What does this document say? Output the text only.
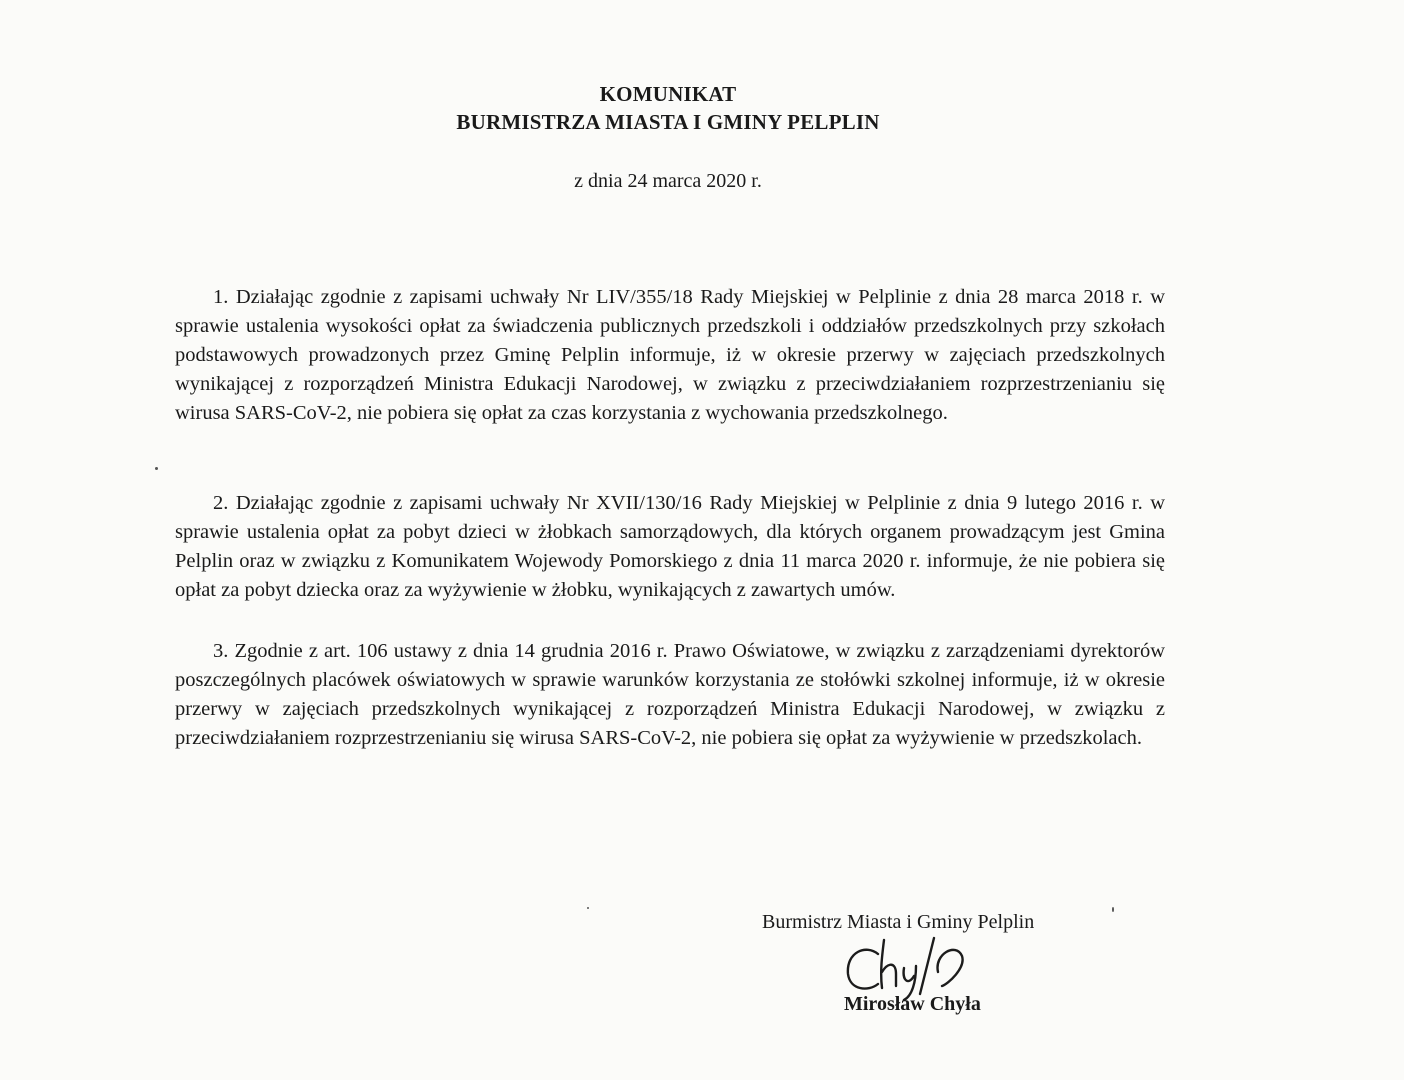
KOMUNIKAT
BURMISTRZA MIASTA I GMINY PELPLIN
z dnia 24 marca 2020 r.

1. Działając zgodnie z zapisami uchwały Nr LIV/355/18 Rady Miejskiej w Pelplinie z dnia 28 marca 2018 r. w sprawie ustalenia wysokości opłat za świadczenia publicznych przedszkoli i oddziałów przedszkolnych przy szkołach podstawowych prowadzonych przez Gminę Pelplin informuje, iż w okresie przerwy w zajęciach przedszkolnych wynikającej z rozporządzeń Ministra Edukacji Narodowej, w związku z przeciwdziałaniem rozprzestrzenianiu się wirusa SARS-CoV-2, nie pobiera się opłat za czas korzystania z wychowania przedszkolnego.

2. Działając zgodnie z zapisami uchwały Nr XVII/130/16 Rady Miejskiej w Pelplinie z dnia 9 lutego 2016 r. w sprawie ustalenia opłat za pobyt dzieci w żłobkach samorządowych, dla których organem prowadzącym jest Gmina Pelplin oraz w związku z Komunikatem Wojewody Pomorskiego z dnia 11 marca 2020 r. informuje, że nie pobiera się opłat za pobyt dziecka oraz za wyżywienie w żłobku, wynikających z zawartych umów.

3. Zgodnie z art. 106 ustawy z dnia 14 grudnia 2016 r. Prawo Oświatowe, w związku z zarządzeniami dyrektorów poszczególnych placówek oświatowych w sprawie warunków korzystania ze stołówki szkolnej informuje, iż w okresie przerwy w zajęciach przedszkolnych wynikającej z rozporządzeń Ministra Edukacji Narodowej, w związku z przeciwdziałaniem rozprzestrzenianiu się wirusa SARS-CoV-2, nie pobiera się opłat za wyżywienie w przedszkolach.

Burmistrz Miasta i Gminy Pelplin
Mirosław Chyła
